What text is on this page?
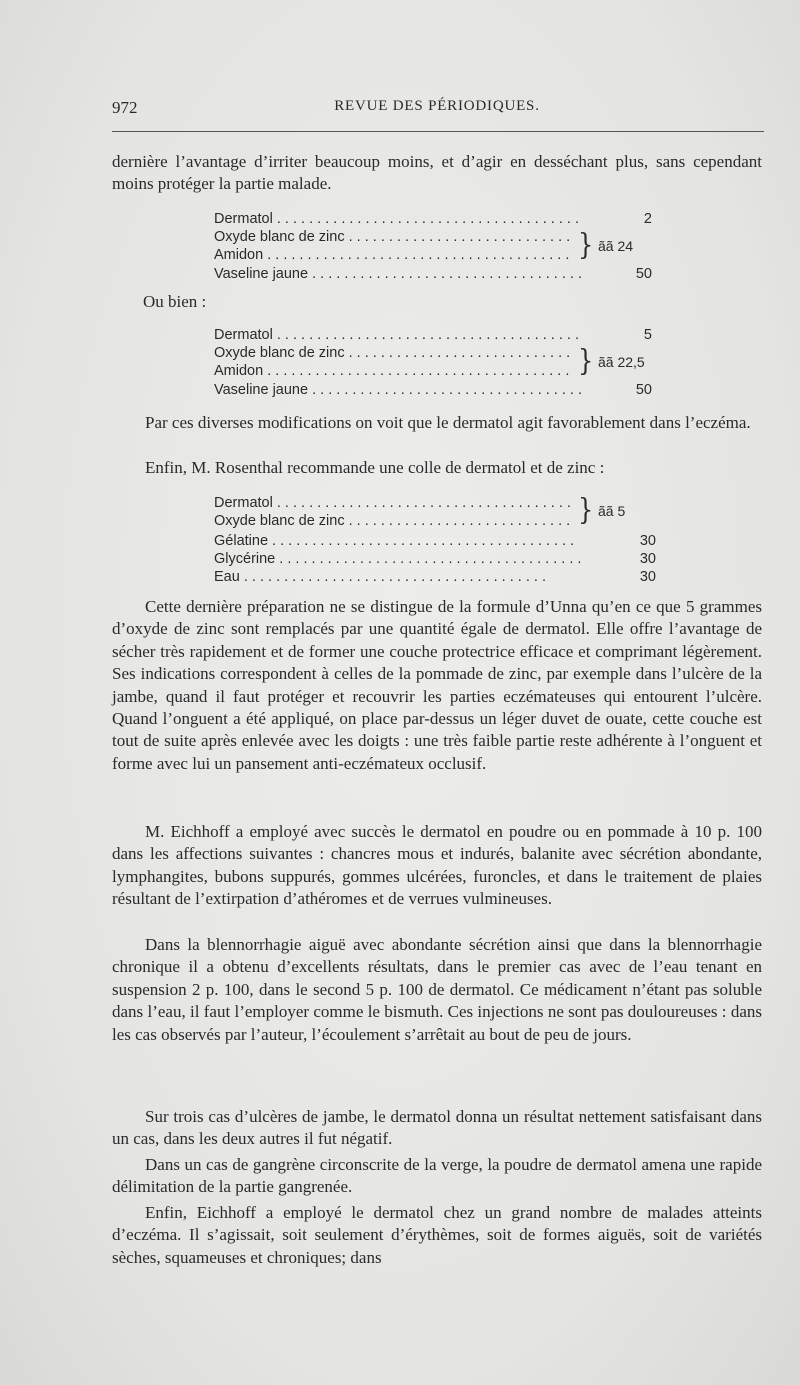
972	REVUE DES PÉRIODIQUES.

dernière l’avantage d’irriter beaucoup moins, et d’agir en desséchant plus, sans cependant moins protéger la partie malade.

Dermatol . . .	2
Oxyde blanc de zinc . . .
Amidon . . .	} ãã 24
Vaseline jaune . . .	50
Ou bien :
Dermatol . . .	5
Oxyde blanc de zinc . . .
Amidon . . .	} ãã 22,5
Vaseline jaune . . .	50

Par ces diverses modifications on voit que le dermatol agit favorablement dans l’eczéma.

Enfin, M. Rosenthal recommande une colle de dermatol et de zinc :

Dermatol . . .
Oxyde blanc de zinc . . .	} ãã 5
Gélatine . . .	30
Glycérine . . .	30
Eau . . .	30

Cette dernière préparation ne se distingue de la formule d’Unna qu’en ce que 5 grammes d’oxyde de zinc sont remplacés par une quantité égale de dermatol. Elle offre l’avantage de sécher très rapidement et de former une couche protectrice efficace et comprimant légèrement. Ses indications correspondent à celles de la pommade de zinc, par exemple dans l’ulcère de la jambe, quand il faut protéger et recouvrir les parties eczémateuses qui entourent l’ulcère. Quand l’onguent a été appliqué, on place par-dessus un léger duvet de ouate, cette couche est tout de suite après enlevée avec les doigts : une très faible partie reste adhérente à l’onguent et forme avec lui un pansement anti-eczémateux occlusif.

M. Eichhoff a employé avec succès le dermatol en poudre ou en pommade à 10 p. 100 dans les affections suivantes : chancres mous et indurés, balanite avec sécrétion abondante, lymphangites, bubons suppurés, gommes ulcérées, furoncles, et dans le traitement de plaies résultant de l’extirpation d’athéromes et de verrues vulmineuses.

Dans la blennorrhagie aiguë avec abondante sécrétion ainsi que dans la blennorrhagie chronique il a obtenu d’excellents résultats, dans le premier cas avec de l’eau tenant en suspension 2 p. 100, dans le second 5 p. 100 de dermatol. Ce médicament n’étant pas soluble dans l’eau, il faut l’employer comme le bismuth. Ces injections ne sont pas douloureuses : dans les cas observés par l’auteur, l’écoulement s’arrêtait au bout de peu de jours.

Sur trois cas d’ulcères de jambe, le dermatol donna un résultat nettement satisfaisant dans un cas, dans les deux autres il fut négatif.

Dans un cas de gangrène circonscrite de la verge, la poudre de dermatol amena une rapide délimitation de la partie gangrenée.

Enfin, Eichhoff a employé le dermatol chez un grand nombre de malades atteints d’eczéma. Il s’agissait, soit seulement d’érythèmes, soit de formes aiguës, soit de variétés sèches, squameuses et chroniques; dans
